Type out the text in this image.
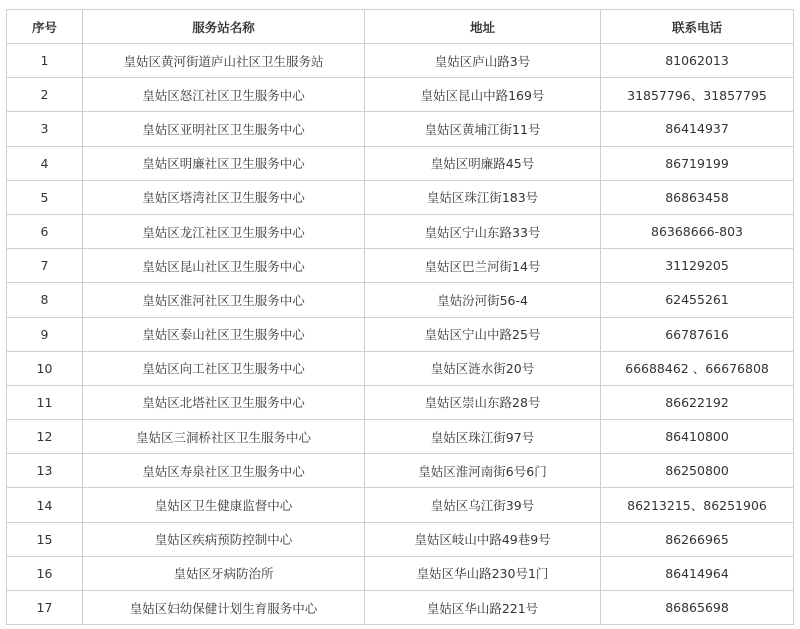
序号	服务站名称	地址	联系电话
1	皇姑区黄河街道庐山社区卫生服务站	皇姑区庐山路3号	81062013
2	皇姑区怒江社区卫生服务中心	皇姑区昆山中路169号	31857796、31857795
3	皇姑区亚明社区卫生服务中心	皇姑区黄埔江街11号	86414937
4	皇姑区明廉社区卫生服务中心	皇姑区明廉路45号	86719199
5	皇姑区塔湾社区卫生服务中心	皇姑区珠江街183号	86863458
6	皇姑区龙江社区卫生服务中心	皇姑区宁山东路33号	86368666-803
7	皇姑区昆山社区卫生服务中心	皇姑区巴兰河街14号	31129205
8	皇姑区淮河社区卫生服务中心	皇姑汾河街56-4	62455261
9	皇姑区泰山社区卫生服务中心	皇姑区宁山中路25号	66787616
10	皇姑区向工社区卫生服务中心	皇姑区涟水街20号	66688462 、66676808
11	皇姑区北塔社区卫生服务中心	皇姑区崇山东路28号	86622192
12	皇姑区三洞桥社区卫生服务中心	皇姑区珠江街97号	86410800
13	皇姑区寿泉社区卫生服务中心	皇姑区淮河南街6号6门	86250800
14	皇姑区卫生健康监督中心	皇姑区乌江街39号	86213215、86251906
15	皇姑区疾病预防控制中心	皇姑区岐山中路49巷9号	86266965
16	皇姑区牙病防治所	皇姑区华山路230号1门	86414964
17	皇姑区妇幼保健计划生育服务中心	皇姑区华山路221号	86865698
